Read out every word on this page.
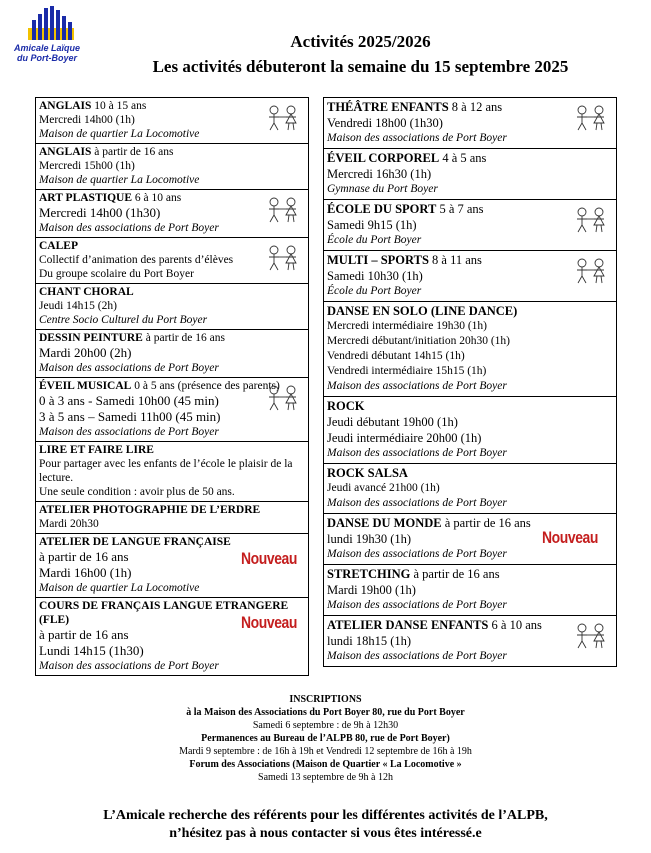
Amicale Laïque
du Port-Boyer
Activités 2025/2026
Les activités débuteront la semaine du 15 septembre 2025
ANGLAIS 10 à 15 ans
Mercredi 14h00 (1h)
Maison de quartier La Locomotive
ANGLAIS à partir de 16 ans
Mercredi 15h00 (1h)
Maison de quartier La Locomotive
ART PLASTIQUE 6 à 10 ans
Mercredi 14h00 (1h30)
Maison des associations de Port Boyer
CALEP
Collectif d’animation des parents d’élèves
Du groupe scolaire du Port Boyer
CHANT CHORAL
Jeudi 14h15 (2h)
Centre Socio Culturel du Port Boyer
DESSIN PEINTURE à partir de 16 ans
Mardi 20h00 (2h)
Maison des associations de Port Boyer
ÉVEIL MUSICAL 0 à 5 ans (présence des parents)
0 à 3 ans - Samedi 10h00 (45 min)
3 à 5 ans – Samedi 11h00 (45 min)
Maison des associations de Port Boyer
LIRE ET FAIRE LIRE
Pour partager avec les enfants de l’école le plaisir de la lecture.
Une seule condition : avoir plus de 50 ans.
ATELIER PHOTOGRAPHIE DE L’ERDRE
Mardi 20h30
ATELIER DE LANGUE FRANÇAISE
à partir de 16 ans
Mardi 16h00 (1h)
Maison de quartier La Locomotive
Nouveau
COURS DE FRANÇAIS LANGUE ETRANGERE (FLE)
à partir de 16 ans
Lundi 14h15 (1h30)
Maison des associations de Port Boyer
Nouveau
THÉÂTRE ENFANTS 8 à 12 ans
Vendredi 18h00 (1h30)
Maison des associations de Port Boyer
ÉVEIL CORPOREL 4 à 5 ans
Mercredi 16h30 (1h)
Gymnase du Port Boyer
ÉCOLE DU SPORT 5 à 7 ans
Samedi 9h15 (1h)
École du Port Boyer
MULTI – SPORTS 8 à 11 ans
Samedi 10h30 (1h)
École du Port Boyer
DANSE EN SOLO (LINE DANCE)
Mercredi intermédiaire 19h30 (1h)
Mercredi débutant/initiation 20h30 (1h)
Vendredi débutant 14h15 (1h)
Vendredi intermédiaire 15h15 (1h)
Maison des associations de Port Boyer
ROCK
Jeudi débutant 19h00 (1h)
Jeudi intermédiaire 20h00 (1h)
Maison des associations de Port Boyer
ROCK SALSA
Jeudi avancé 21h00 (1h)
Maison des associations de Port Boyer
DANSE DU MONDE à partir de 16 ans
lundi 19h30 (1h)
Maison des associations de Port Boyer
Nouveau
STRETCHING à partir de 16 ans
Mardi 19h00 (1h)
Maison des associations de Port Boyer
ATELIER DANSE ENFANTS 6 à 10 ans
lundi 18h15 (1h)
Maison des associations de Port Boyer
INSCRIPTIONS
à la Maison des Associations du Port Boyer 80, rue du Port Boyer
Samedi 6 septembre : de 9h à 12h30
Permanences au Bureau de l’ALPB 80, rue de Port Boyer)
Mardi 9 septembre : de 16h à 19h et Vendredi 12 septembre de 16h à 19h
Forum des Associations (Maison de Quartier « La Locomotive »
Samedi 13 septembre de 9h à 12h
L’Amicale recherche des référents pour les différentes activités de l’ALPB,
n’hésitez pas à nous contacter si vous êtes intéressé.e
